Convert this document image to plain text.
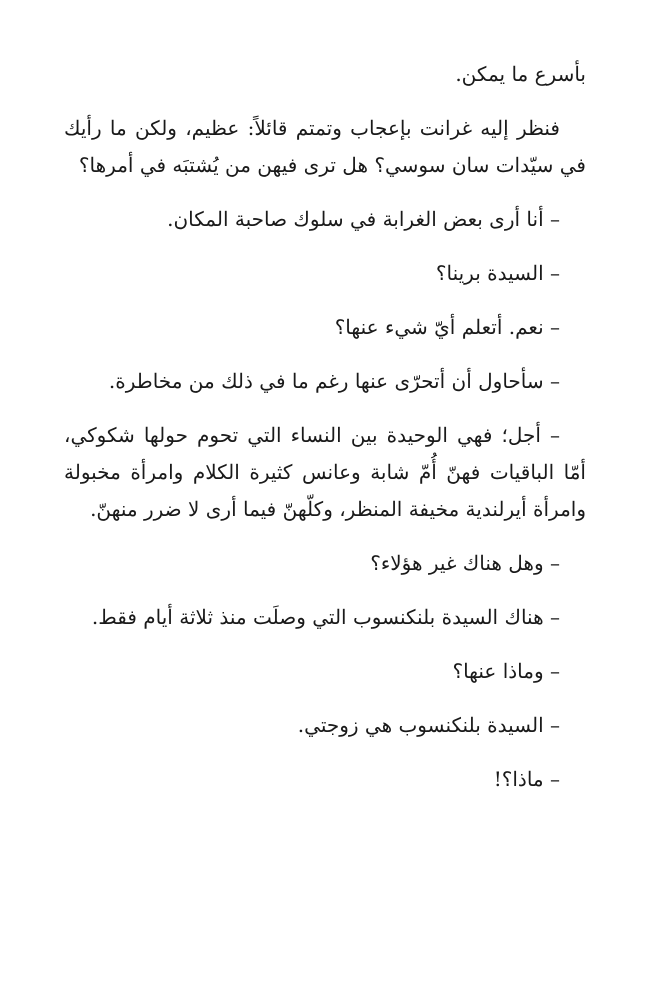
بأسرع ما يمكن.

فنظر إليه غرانت بإعجاب وتمتم قائلاً: عظيم، ولكن ما رأيك في سيّدات سان سوسي؟ هل ترى فيهن من يُشتبَه في أمرها؟

– أنا أرى بعض الغرابة في سلوك صاحبة المكان.

– السيدة برينا؟

– نعم. أتعلم أيّ شيء عنها؟

– سأحاول أن أتحرّى عنها رغم ما في ذلك من مخاطرة.

– أجل؛ فهي الوحيدة بين النساء التي تحوم حولها شكوكي، أمّا الباقيات فهنّ أُمّ شابة وعانس كثيرة الكلام وامرأة مخبولة وامرأة أيرلندية مخيفة المنظر، وكلّهنّ فيما أرى لا ضرر منهنّ.

– وهل هناك غير هؤلاء؟

– هناك السيدة بلنكنسوب التي وصلَت منذ ثلاثة أيام فقط.

– وماذا عنها؟

– السيدة بلنكنسوب هي زوجتي.

– ماذا؟!
